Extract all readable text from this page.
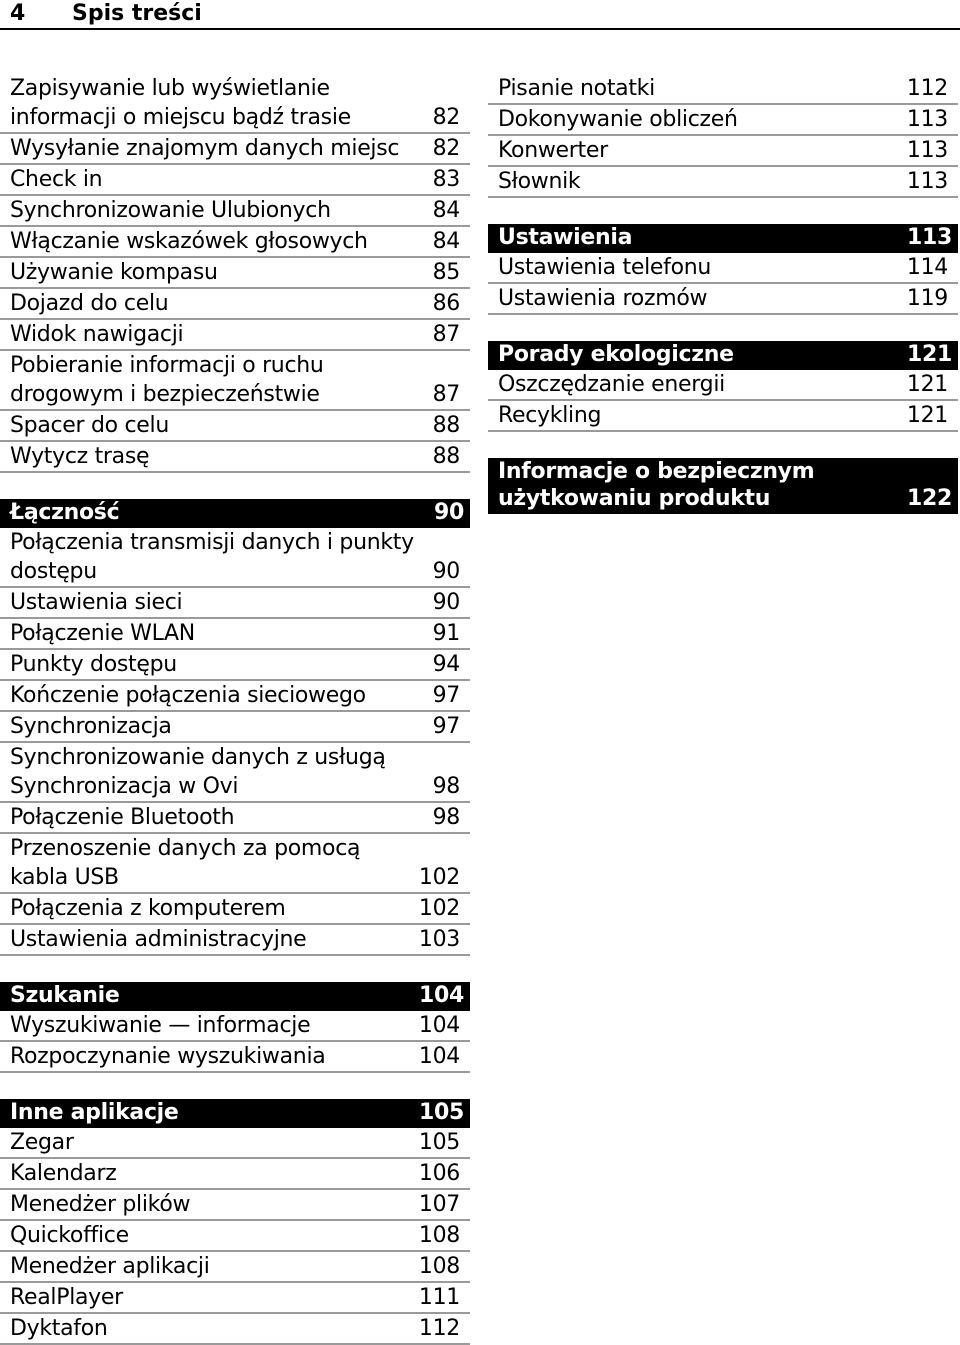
4 Spis treści
Zapisywanie lub wyświetlanie informacji o miejscu bądź trasie	82
Wysyłanie znajomym danych miejsc	82
Check in	83
Synchronizowanie Ulubionych	84
Włączanie wskazówek głosowych	84
Używanie kompasu	85
Dojazd do celu	86
Widok nawigacji	87
Pobieranie informacji o ruchu drogowym i bezpieczeństwie	87
Spacer do celu	88
Wytycz trasę	88
Łączność	90
Połączenia transmisji danych i punkty dostępu	90
Ustawienia sieci	90
Połączenie WLAN	91
Punkty dostępu	94
Kończenie połączenia sieciowego	97
Synchronizacja	97
Synchronizowanie danych z usługą Synchronizacja w Ovi	98
Połączenie Bluetooth	98
Przenoszenie danych za pomocą kabla USB	102
Połączenia z komputerem	102
Ustawienia administracyjne	103
Szukanie	104
Wyszukiwanie — informacje	104
Rozpoczynanie wyszukiwania	104
Inne aplikacje	105
Zegar	105
Kalendarz	106
Menedżer plików	107
Quickoffice	108
Menedżer aplikacji	108
RealPlayer	111
Dyktafon	112
Pisanie notatki	112
Dokonywanie obliczeń	113
Konwerter	113
Słownik	113
Ustawienia	113
Ustawienia telefonu	114
Ustawienia rozmów	119
Porady ekologiczne	121
Oszczędzanie energii	121
Recykling	121
Informacje o bezpiecznym użytkowaniu produktu	122
